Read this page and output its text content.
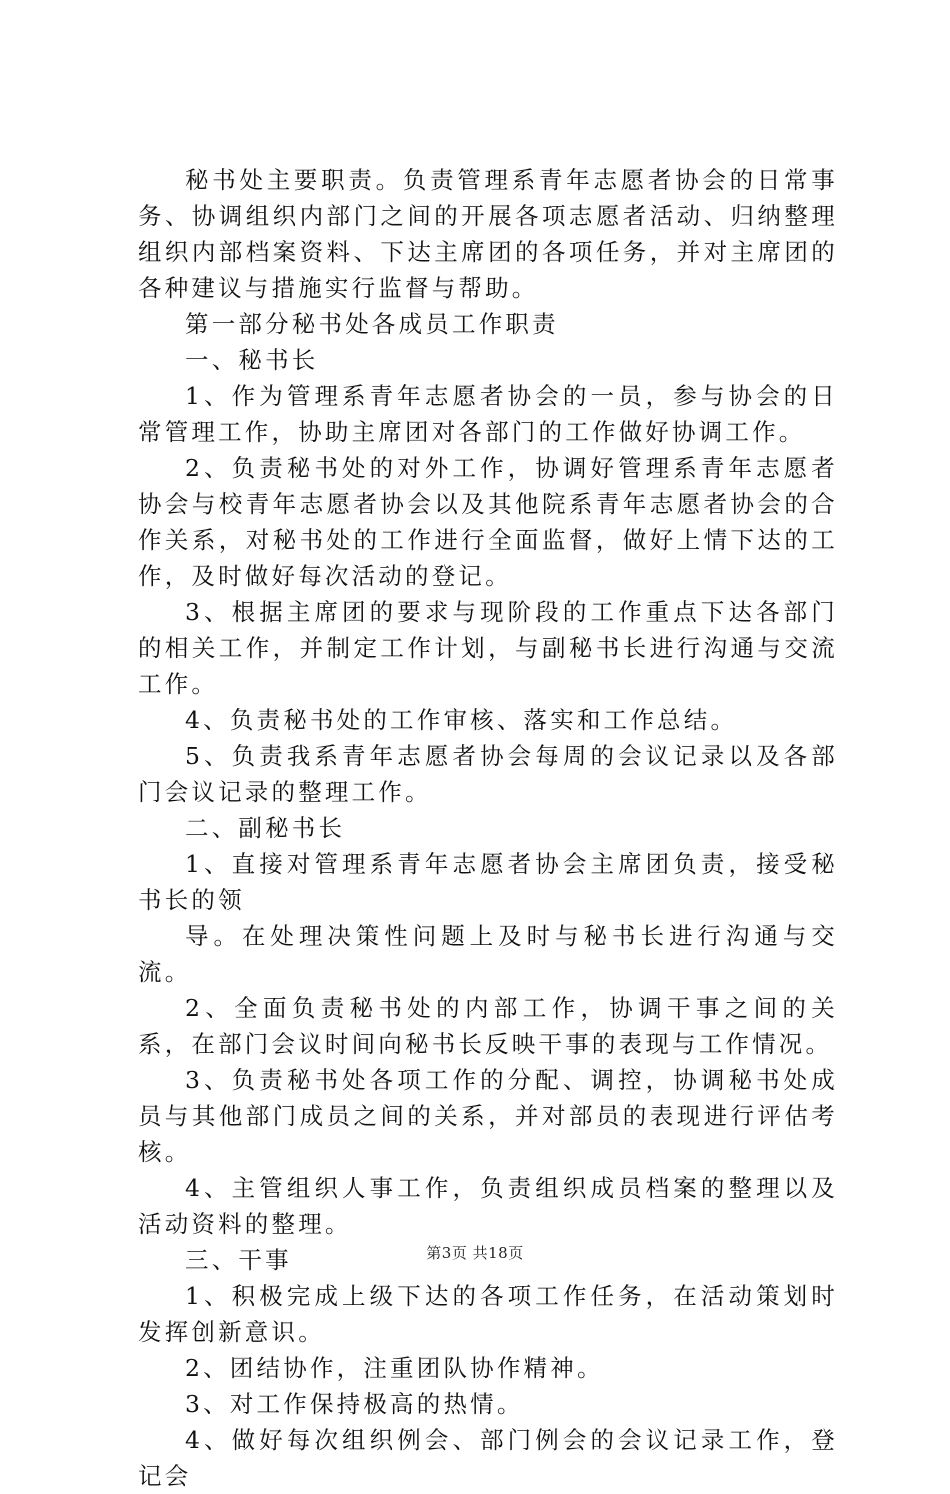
秘书处主要职责。负责管理系青年志愿者协会的日常事务、协调组织内部门之间的开展各项志愿者活动、归纳整理组织内部档案资料、下达主席团的各项任务，并对主席团的各种建议与措施实行监督与帮助。

第一部分秘书处各成员工作职责

一、秘书长

1、作为管理系青年志愿者协会的一员，参与协会的日常管理工作，协助主席团对各部门的工作做好协调工作。

2、负责秘书处的对外工作，协调好管理系青年志愿者协会与校青年志愿者协会以及其他院系青年志愿者协会的合作关系，对秘书处的工作进行全面监督，做好上情下达的工作，及时做好每次活动的登记。

3、根据主席团的要求与现阶段的工作重点下达各部门的相关工作，并制定工作计划，与副秘书长进行沟通与交流工作。

4、负责秘书处的工作审核、落实和工作总结。

5、负责我系青年志愿者协会每周的会议记录以及各部门会议记录的整理工作。

二、副秘书长

1、直接对管理系青年志愿者协会主席团负责，接受秘书长的领

导。在处理决策性问题上及时与秘书长进行沟通与交流。

2、全面负责秘书处的内部工作，协调干事之间的关系，在部门会议时间向秘书长反映干事的表现与工作情况。

3、负责秘书处各项工作的分配、调控，协调秘书处成员与其他部门成员之间的关系，并对部员的表现进行评估考核。

4、主管组织人事工作，负责组织成员档案的整理以及活动资料的整理。

三、干事

1、积极完成上级下达的各项工作任务，在活动策划时发挥创新意识。

2、团结协作，注重团队协作精神。

3、对工作保持极高的热情。

4、做好每次组织例会、部门例会的会议记录工作，登记会

第3页 共18页
